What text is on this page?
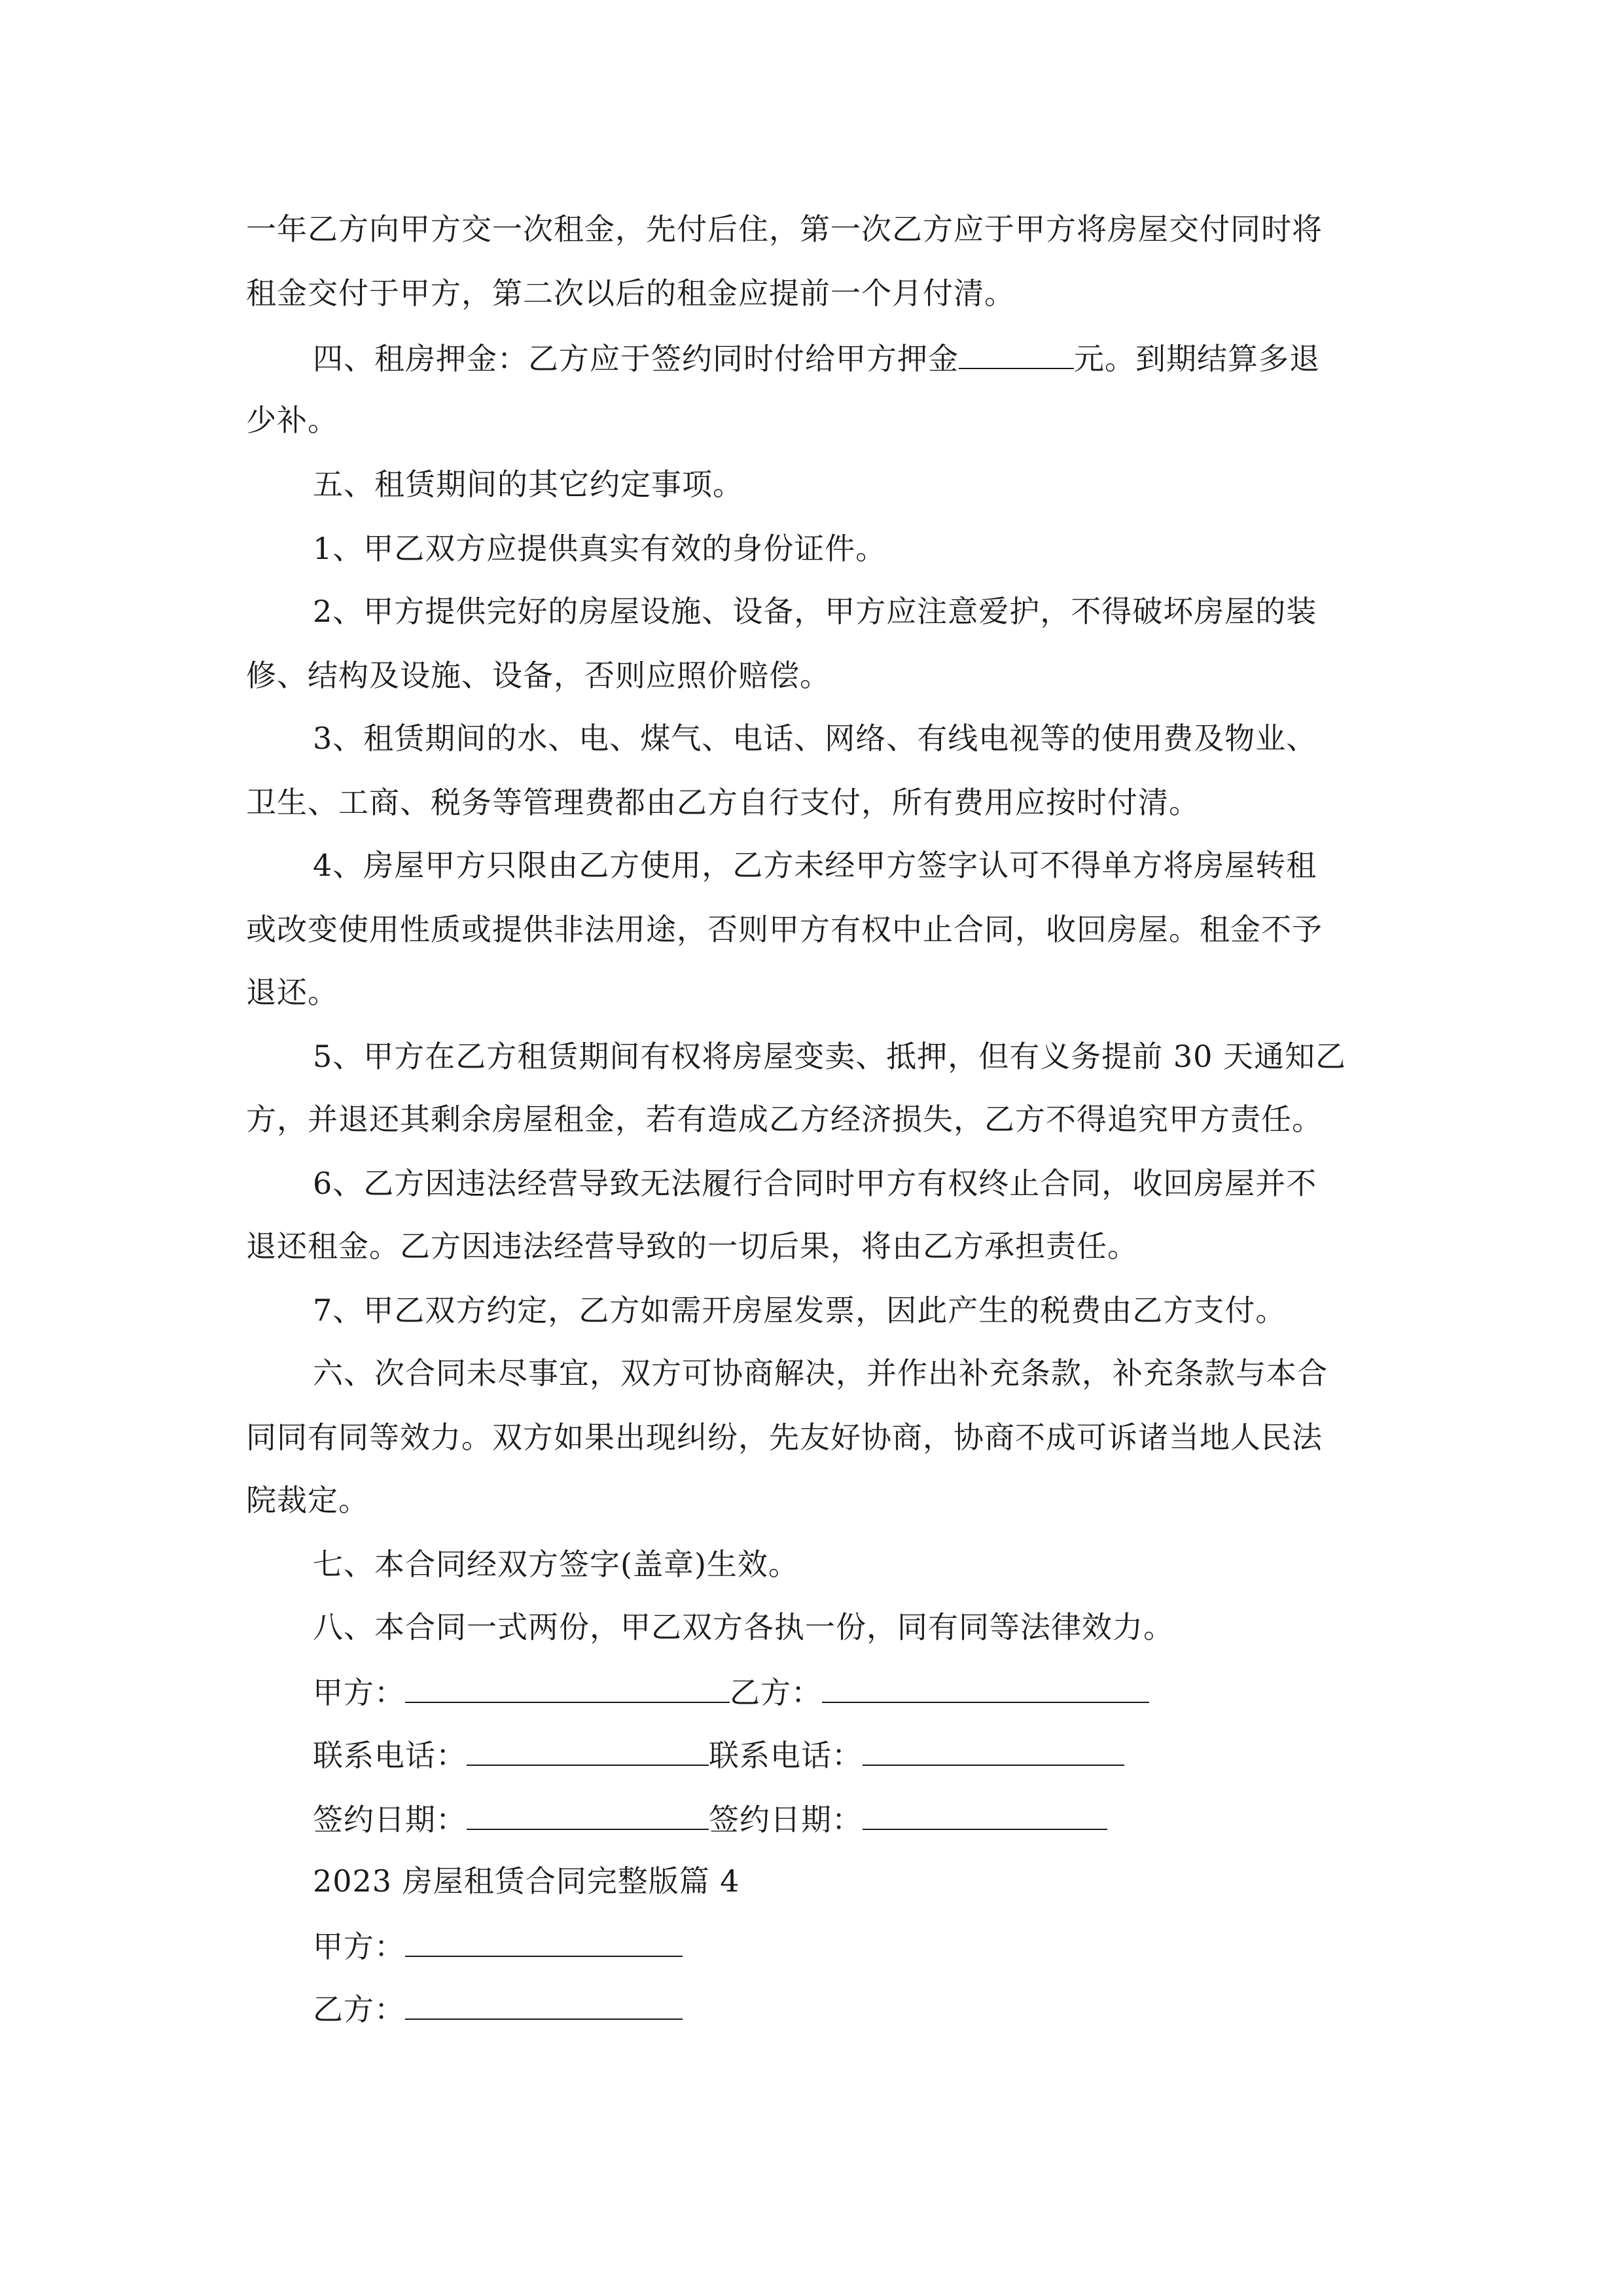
一年乙方向甲方交一次租金，先付后住，第一次乙方应于甲方将房屋交付同时将
租金交付于甲方，第二次以后的租金应提前一个月付清。
四、租房押金：乙方应于签约同时付给甲方押金	元。到期结算多退
少补。
五、租赁期间的其它约定事项。
1、甲乙双方应提供真实有效的身份证件。
2、甲方提供完好的房屋设施、设备，甲方应注意爱护，不得破坏房屋的装
修、结构及设施、设备，否则应照价赔偿。
3、租赁期间的水、电、煤气、电话、网络、有线电视等的使用费及物业、
卫生、工商、税务等管理费都由乙方自行支付，所有费用应按时付清。
4、房屋甲方只限由乙方使用，乙方未经甲方签字认可不得单方将房屋转租
或改变使用性质或提供非法用途，否则甲方有权中止合同，收回房屋。租金不予
退还。
5、甲方在乙方租赁期间有权将房屋变卖、抵押，但有义务提前 30 天通知乙
方，并退还其剩余房屋租金，若有造成乙方经济损失，乙方不得追究甲方责任。
6、乙方因违法经营导致无法履行合同时甲方有权终止合同，收回房屋并不
退还租金。乙方因违法经营导致的一切后果，将由乙方承担责任。
7、甲乙双方约定，乙方如需开房屋发票，因此产生的税费由乙方支付。
六、次合同未尽事宜，双方可协商解决，并作出补充条款，补充条款与本合
同同有同等效力。双方如果出现纠纷，先友好协商，协商不成可诉诸当地人民法
院裁定。
七、本合同经双方签字(盖章)生效。
八、本合同一式两份，甲乙双方各执一份，同有同等法律效力。
甲方：	乙方：
联系电话：	联系电话：
签约日期：	签约日期：
2023 房屋租赁合同完整版篇 4
甲方：
乙方：
